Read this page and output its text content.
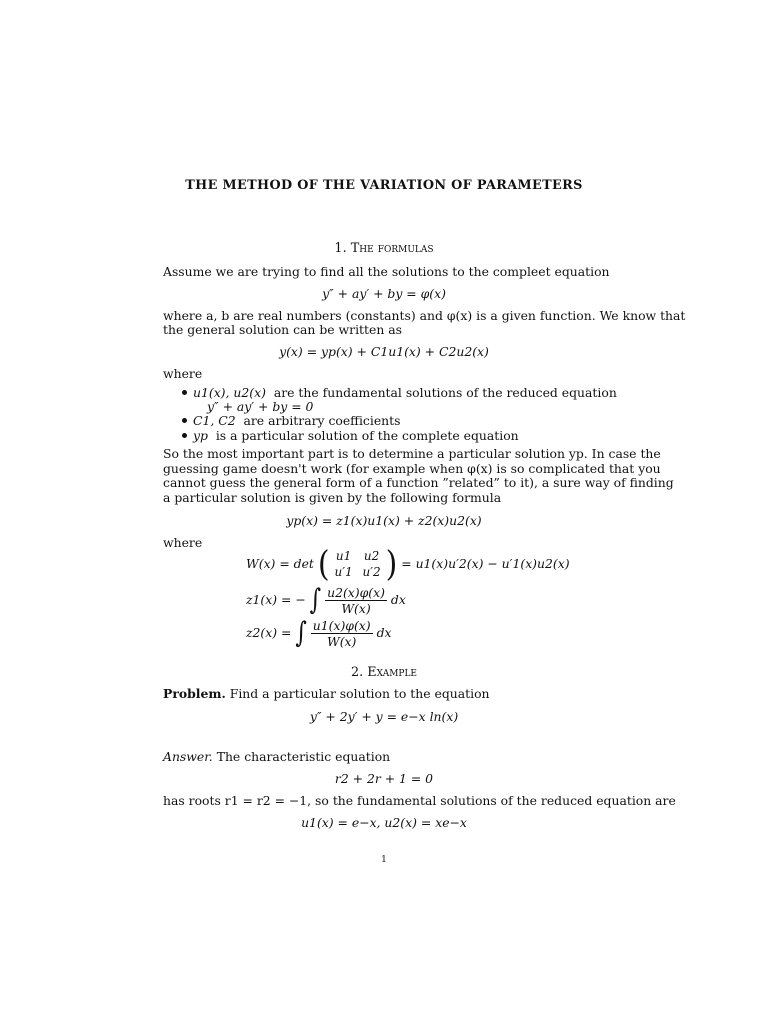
THE METHOD OF THE VARIATION OF PARAMETERS
1. The formulas
Assume we are trying to find all the solutions to the compleet equation
y″ + ay′ + by = φ(x)
where a, b are real numbers (constants) and φ(x) is a given function. We know that
the general solution can be written as
y(x) = yp(x) + C1u1(x) + C2u2(x)
where
u1(x), u2(x) are the fundamental solutions of the reduced equation
y″ + ay′ + by = 0
C1, C2 are arbitrary coefficients
yp is a particular solution of the complete equation
So the most important part is to determine a particular solution yp. In case the
guessing game doesn't work (for example when φ(x) is so complicated that you
cannot guess the general form of a function ”related” to it), a sure way of finding
a particular solution is given by the following formula
yp(x) = z1(x)u1(x) + z2(x)u2(x)
where
W(x) = det ( u1	u2
u′1 u′2 ) = u1(x)u′2(x) − u′1(x)u2(x)
z1(x) = − ∫ $\frac{u2(x)\varphi(x)}{W(x)}$ dx
z2(x) = ∫ $\frac{u1(x)\varphi(x)}{W(x)}$ dx
2. Example
Problem. Find a particular solution to the equation
y″ + 2y′ + y = e−x ln(x)
Answer. The characteristic equation
r2 + 2r + 1 = 0
has roots r1 = r2 = −1, so the fundamental solutions of the reduced equation are
u1(x) = e−x, u2(x) = xe−x
1
